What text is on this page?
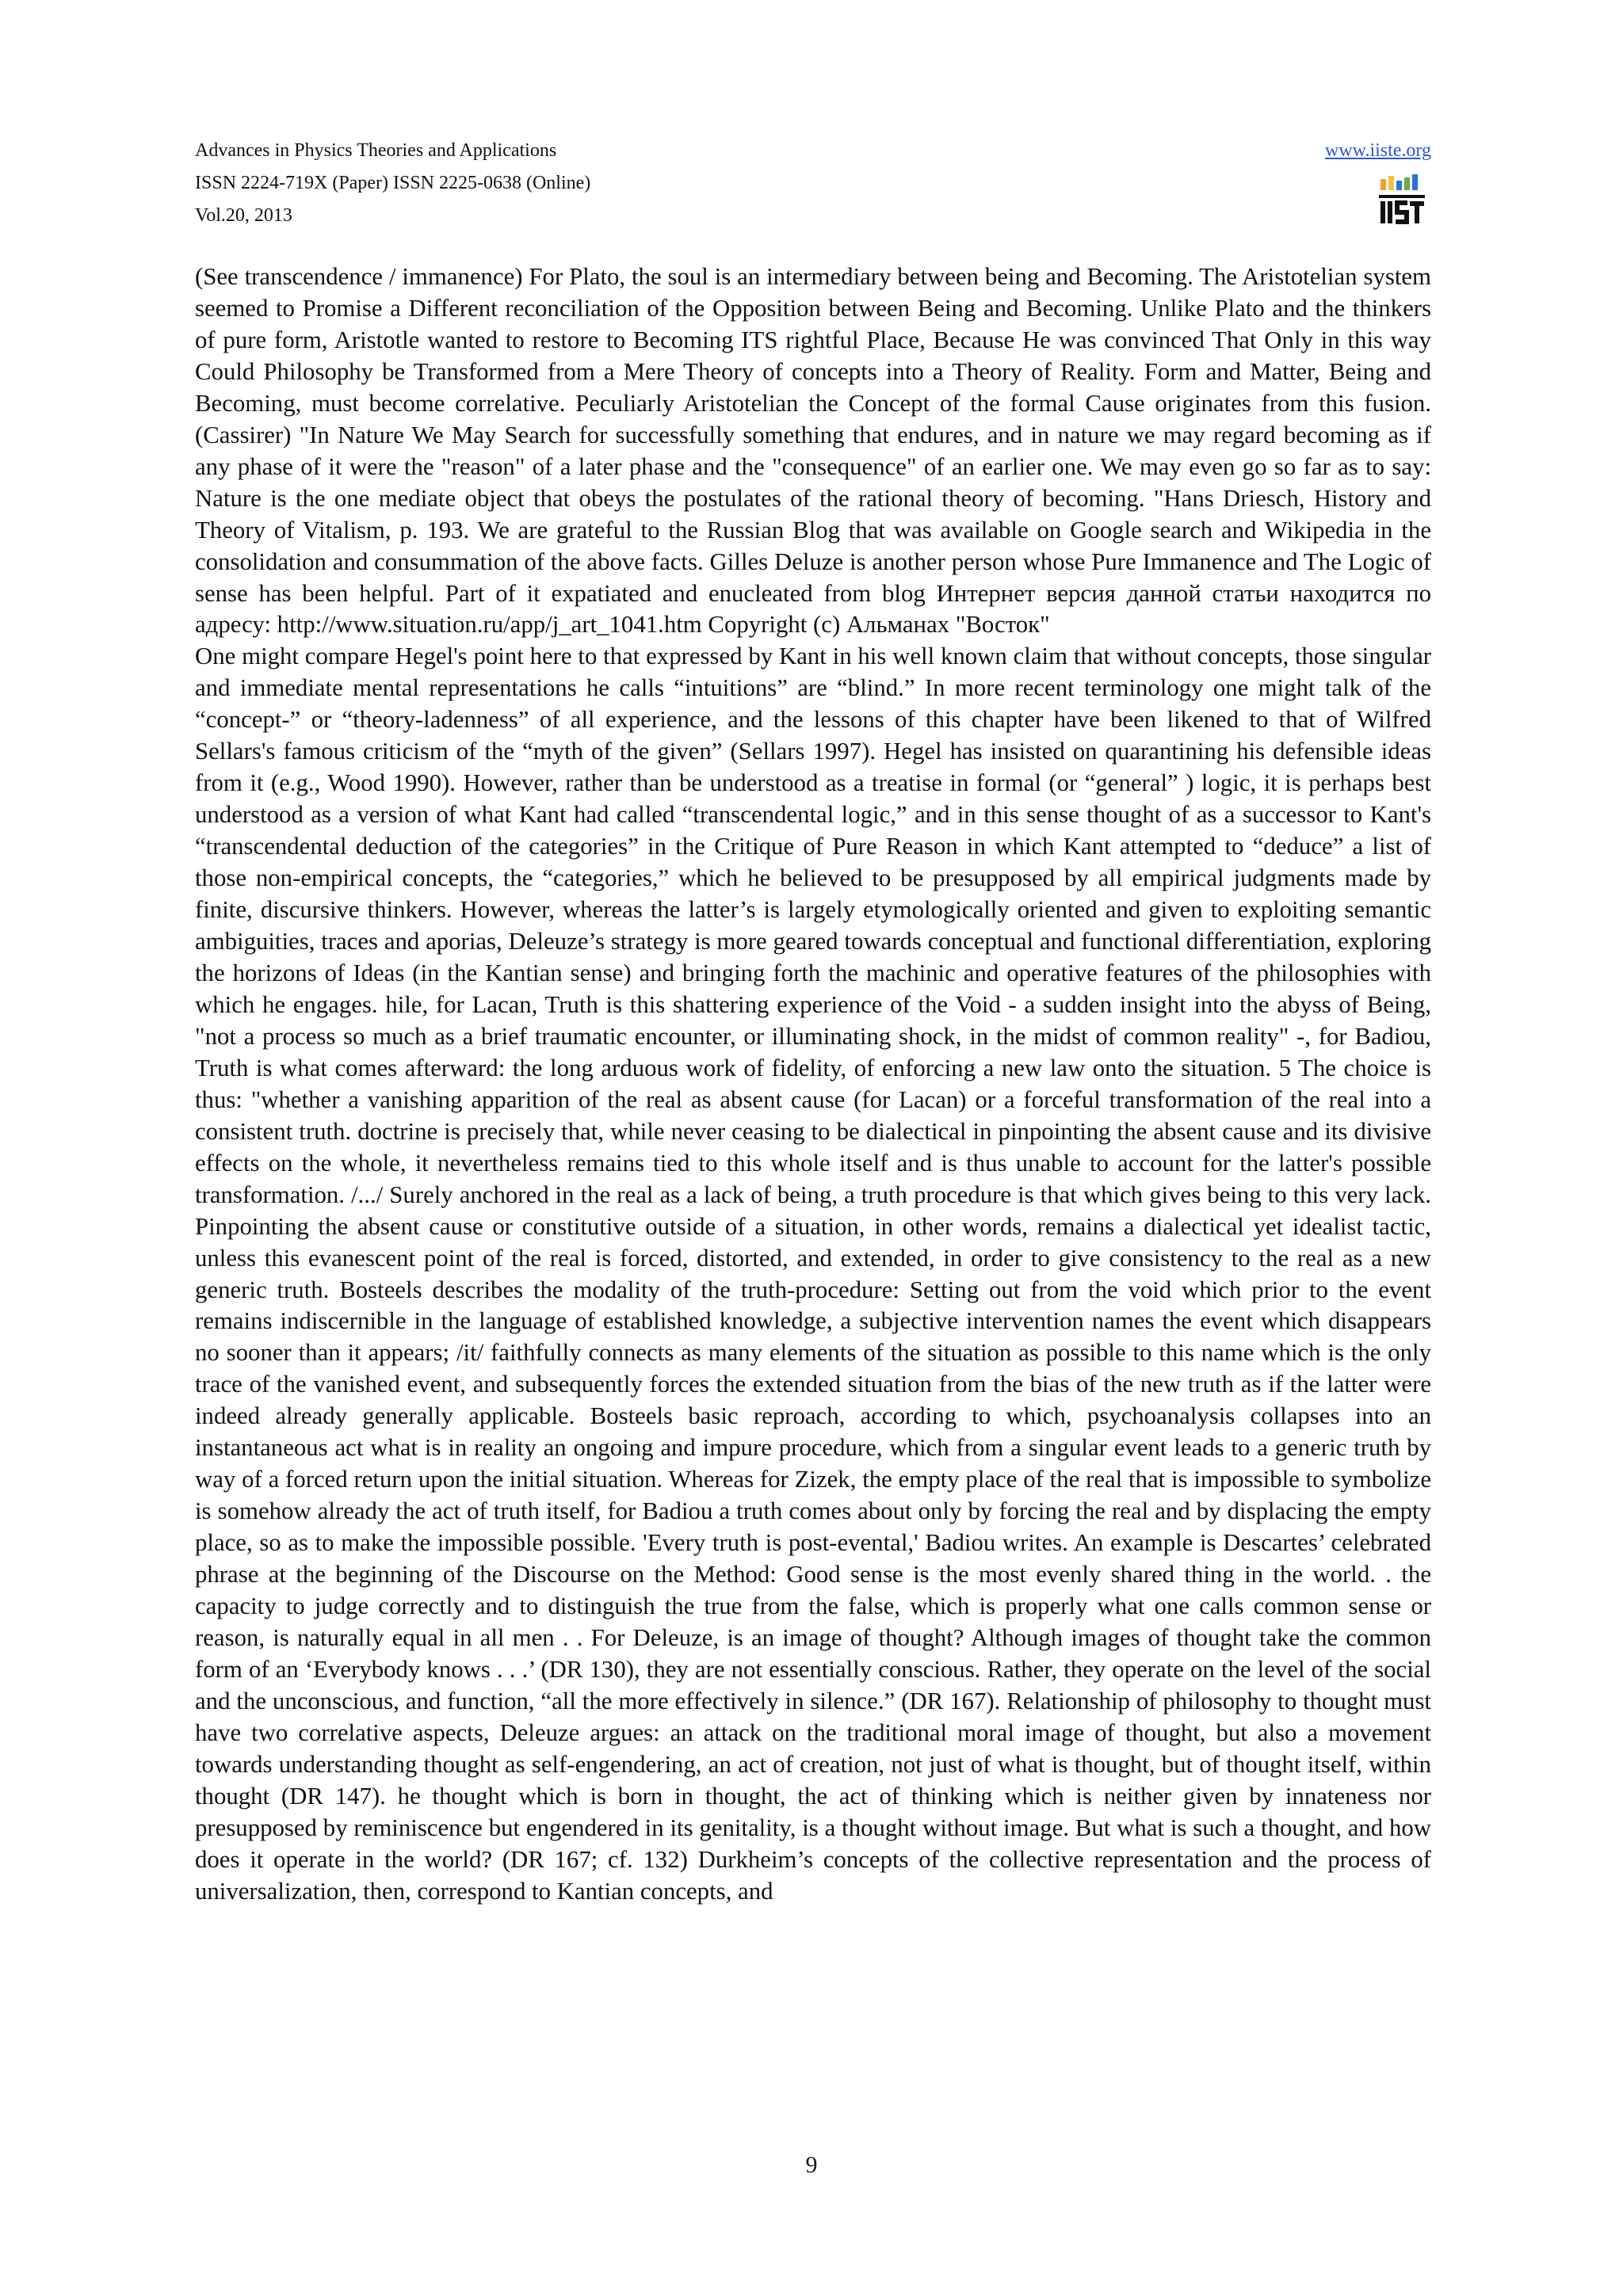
Advances in Physics Theories and Applications
ISSN 2224-719X (Paper) ISSN 2225-0638 (Online)
Vol.20, 2013
www.iiste.org

(See transcendence / immanence) For Plato, the soul is an intermediary between being and Becoming. The Aristotelian system seemed to Promise a Different reconciliation of the Opposition between Being and Becoming. Unlike Plato and the thinkers of pure form, Aristotle wanted to restore to Becoming ITS rightful Place, Because He was convinced That Only in this way Could Philosophy be Transformed from a Mere Theory of concepts into a Theory of Reality. Form and Matter, Being and Becoming, must become correlative. Peculiarly Aristotelian the Concept of the formal Cause originates from this fusion. (Cassirer) "In Nature We May Search for successfully something that endures, and in nature we may regard becoming as if any phase of it were the "reason" of a later phase and the "consequence" of an earlier one. We may even go so far as to say: Nature is the one mediate object that obeys the postulates of the rational theory of becoming. "Hans Driesch, History and Theory of Vitalism, p. 193. We are grateful to the Russian Blog that was available on Google search and Wikipedia in the consolidation and consummation of the above facts. Gilles Deluze is another person whose Pure Immanence and The Logic of sense has been helpful. Part of it expatiated and enucleated from blog Интернет версия данной статьи находится по адресу: http://www.situation.ru/app/j_art_1041.htm Copyright (с) Альманах "Восток"

One might compare Hegel's point here to that expressed by Kant in his well known claim that without concepts, those singular and immediate mental representations he calls “intuitions” are “blind.” In more recent terminology one might talk of the “concept-” or “theory-ladenness” of all experience, and the lessons of this chapter have been likened to that of Wilfred Sellars's famous criticism of the “myth of the given” (Sellars 1997). Hegel has insisted on quarantining his defensible ideas from it (e.g., Wood 1990). However, rather than be understood as a treatise in formal (or “general” ) logic, it is perhaps best understood as a version of what Kant had called “transcendental logic,” and in this sense thought of as a successor to Kant's “transcendental deduction of the categories” in the Critique of Pure Reason in which Kant attempted to “deduce” a list of those non-empirical concepts, the “categories,” which he believed to be presupposed by all empirical judgments made by finite, discursive thinkers. However, whereas the latter’s is largely etymologically oriented and given to exploiting semantic ambiguities, traces and aporias, Deleuze’s strategy is more geared towards conceptual and functional differentiation, exploring the horizons of Ideas (in the Kantian sense) and bringing forth the machinic and operative features of the philosophies with which he engages. hile, for Lacan, Truth is this shattering experience of the Void - a sudden insight into the abyss of Being, "not a process so much as a brief traumatic encounter, or illuminating shock, in the midst of common reality" -, for Badiou, Truth is what comes afterward: the long arduous work of fidelity, of enforcing a new law onto the situation. 5 The choice is thus: "whether a vanishing apparition of the real as absent cause (for Lacan) or a forceful transformation of the real into a consistent truth. doctrine is precisely that, while never ceasing to be dialectical in pinpointing the absent cause and its divisive effects on the whole, it nevertheless remains tied to this whole itself and is thus unable to account for the latter's possible transformation. /.../ Surely anchored in the real as a lack of being, a truth procedure is that which gives being to this very lack. Pinpointing the absent cause or constitutive outside of a situation, in other words, remains a dialectical yet idealist tactic, unless this evanescent point of the real is forced, distorted, and extended, in order to give consistency to the real as a new generic truth. Bosteels describes the modality of the truth-procedure: Setting out from the void which prior to the event remains indiscernible in the language of established knowledge, a subjective intervention names the event which disappears no sooner than it appears; /it/ faithfully connects as many elements of the situation as possible to this name which is the only trace of the vanished event, and subsequently forces the extended situation from the bias of the new truth as if the latter were indeed already generally applicable. Bosteels basic reproach, according to which, psychoanalysis collapses into an instantaneous act what is in reality an ongoing and impure procedure, which from a singular event leads to a generic truth by way of a forced return upon the initial situation. Whereas for Zizek, the empty place of the real that is impossible to symbolize is somehow already the act of truth itself, for Badiou a truth comes about only by forcing the real and by displacing the empty place, so as to make the impossible possible. 'Every truth is post-evental,' Badiou writes. An example is Descartes’ celebrated phrase at the beginning of the Discourse on the Method: Good sense is the most evenly shared thing in the world. . the capacity to judge correctly and to distinguish the true from the false, which is properly what one calls common sense or reason, is naturally equal in all men . . For Deleuze, is an image of thought? Although images of thought take the common form of an ‘Everybody knows . . .’ (DR 130), they are not essentially conscious. Rather, they operate on the level of the social and the unconscious, and function, “all the more effectively in silence.” (DR 167). Relationship of philosophy to thought must have two correlative aspects, Deleuze argues: an attack on the traditional moral image of thought, but also a movement towards understanding thought as self-engendering, an act of creation, not just of what is thought, but of thought itself, within thought (DR 147). he thought which is born in thought, the act of thinking which is neither given by innateness nor presupposed by reminiscence but engendered in its genitality, is a thought without image. But what is such a thought, and how does it operate in the world? (DR 167; cf. 132) Durkheim’s concepts of the collective representation and the process of universalization, then, correspond to Kantian concepts, and

9
